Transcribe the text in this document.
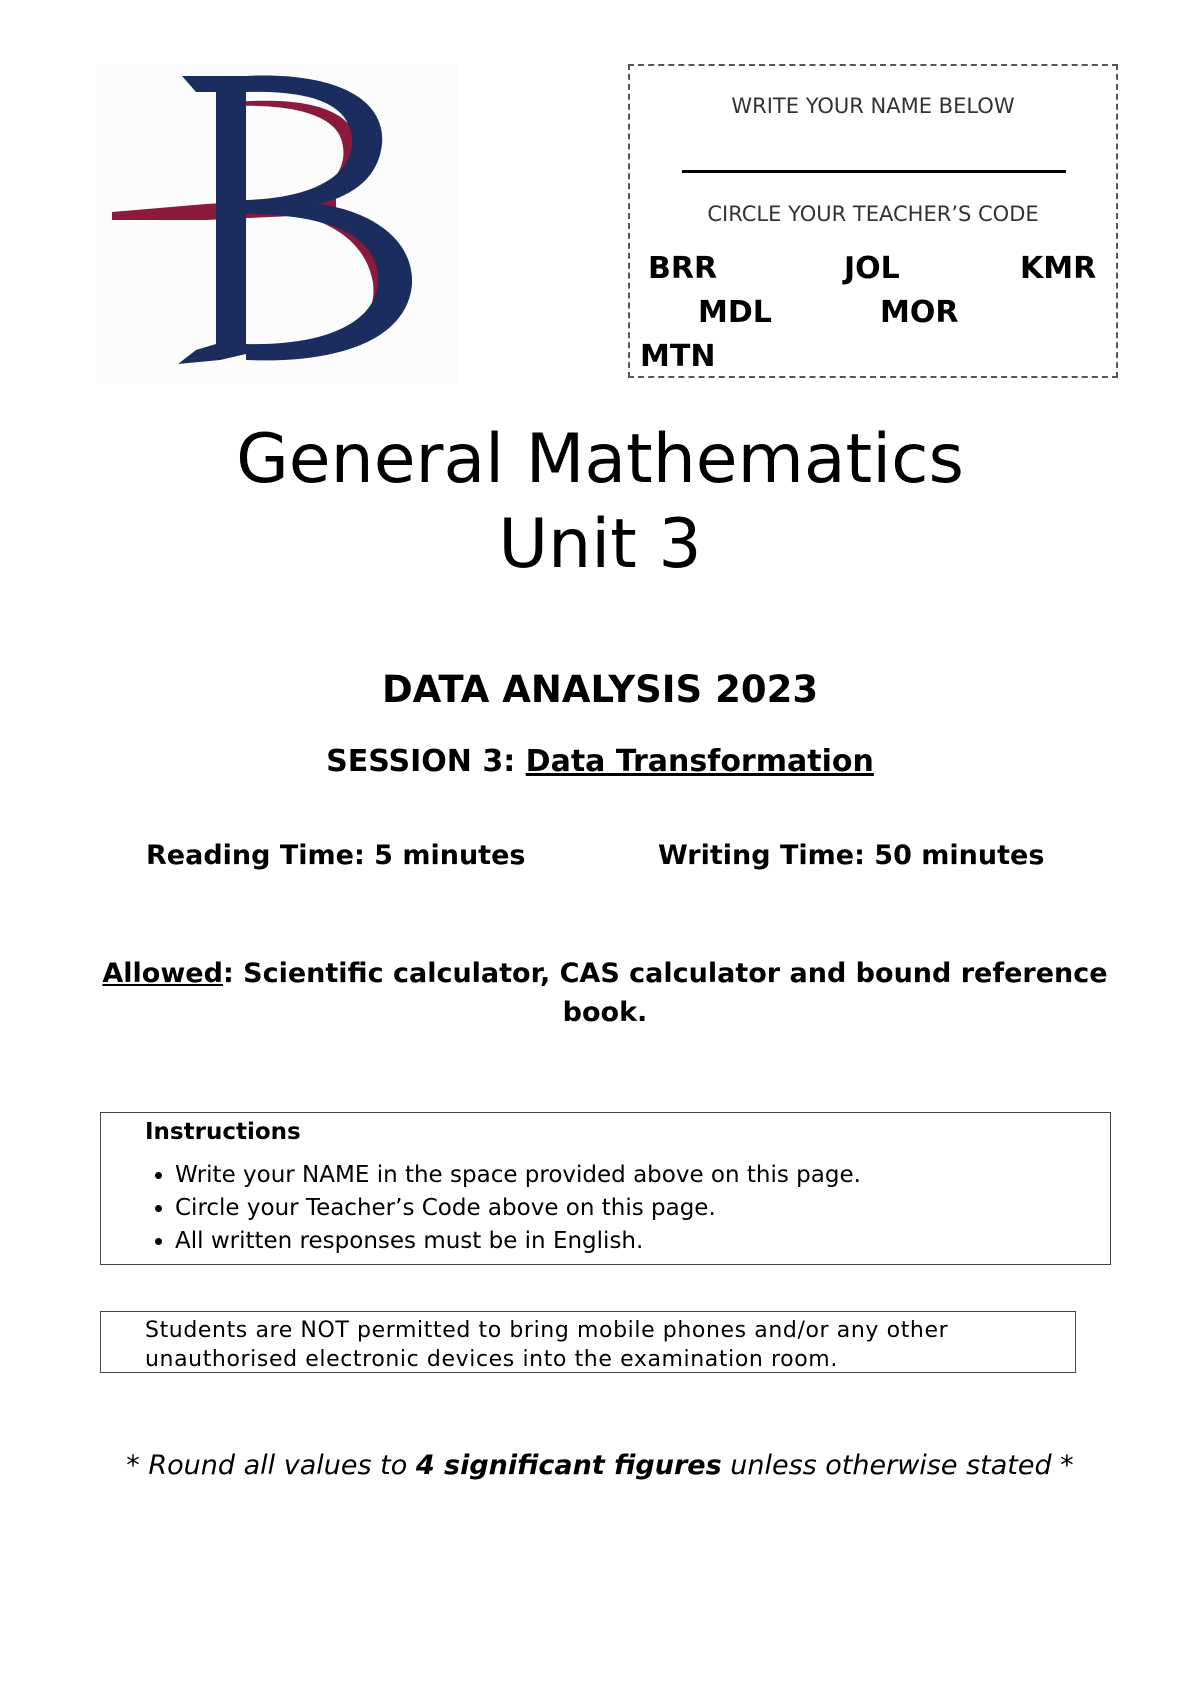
WRITE YOUR NAME BELOW
CIRCLE YOUR TEACHER’S CODE
BRR	JOL	KMR
MDL	MOR
MTN
General Mathematics
Unit 3
DATA ANALYSIS 2023
SESSION 3: Data Transformation
Reading Time: 5 minutes	Writing Time: 50 minutes
Allowed: Scientific calculator, CAS calculator and bound reference book.
Instructions
• Write your NAME in the space provided above on this page.
• Circle your Teacher’s Code above on this page.
• All written responses must be in English.
Students are NOT permitted to bring mobile phones and/or any other unauthorised electronic devices into the examination room.
* Round all values to 4 significant figures unless otherwise stated *
